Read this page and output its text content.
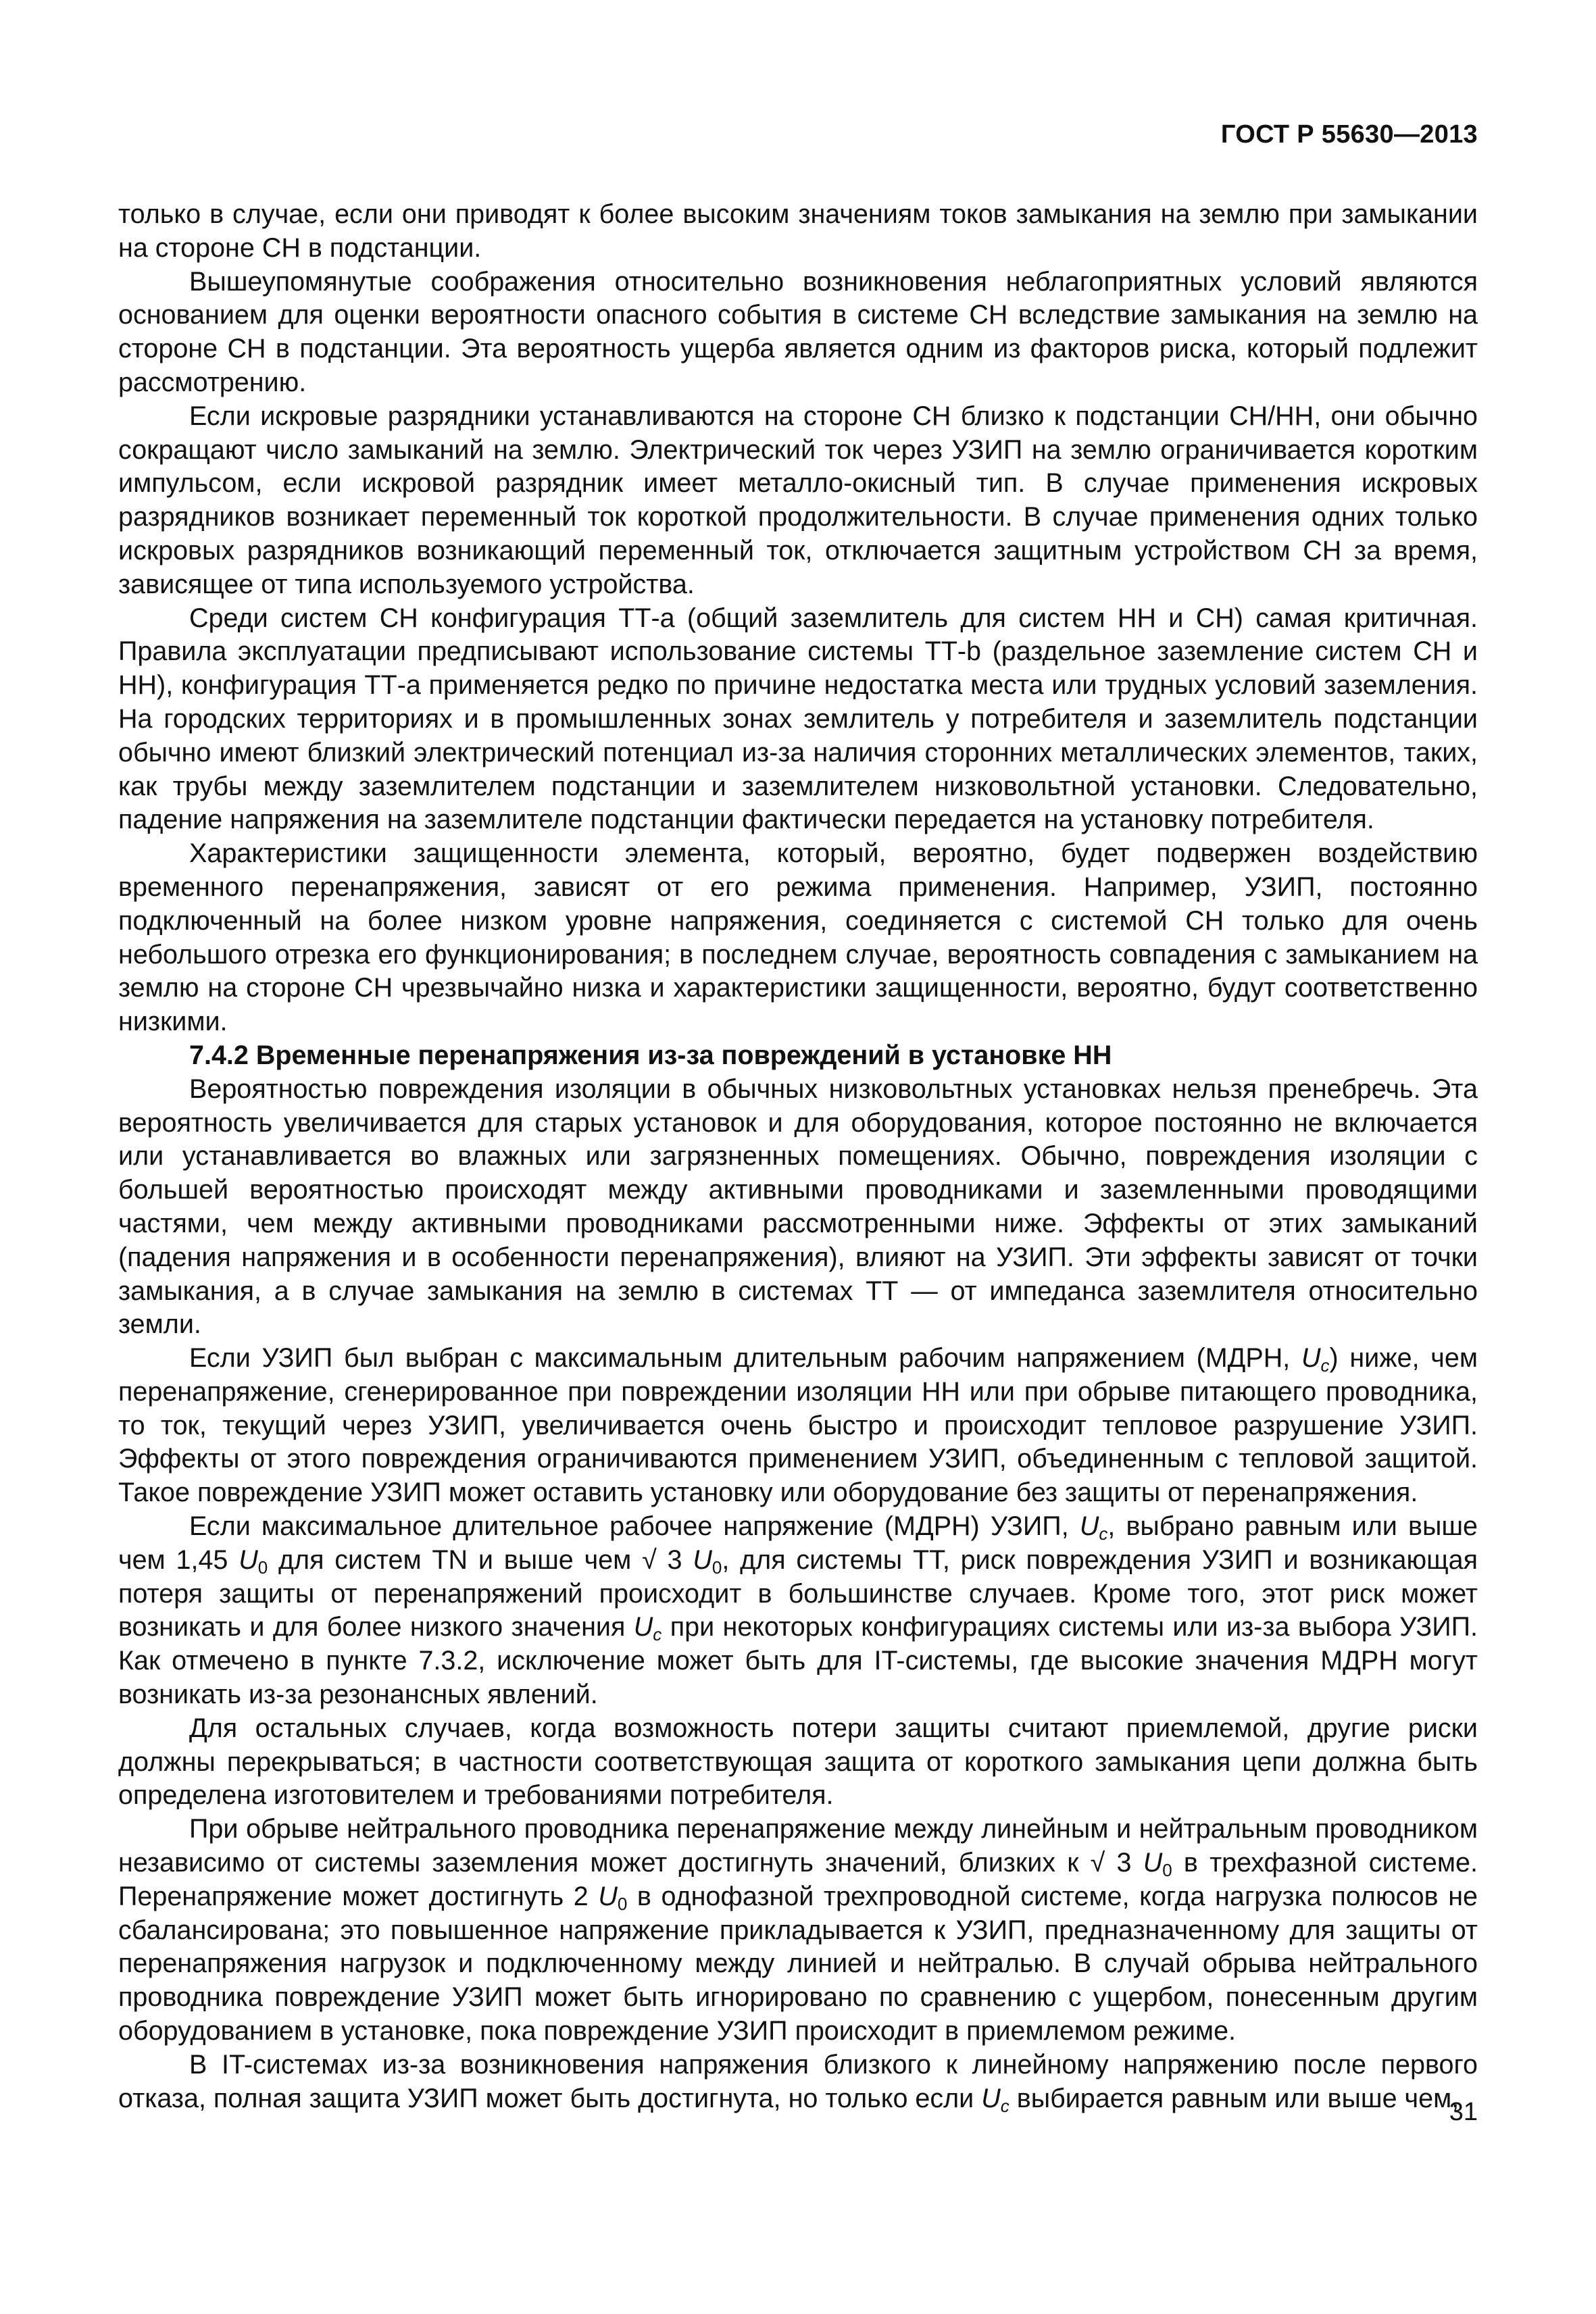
ГОСТ Р 55630—2013

только в случае, если они приводят к более высоким значениям токов замыкания на землю при замыкании на стороне СН в подстанции.

Вышеупомянутые соображения относительно возникновения неблагоприятных условий являются основанием для оценки вероятности опасного события в системе СН вследствие замыкания на землю на стороне СН в подстанции. Эта вероятность ущерба является одним из факторов риска, который подлежит рассмотрению.

Если искровые разрядники устанавливаются на стороне СН близко к подстанции СН/НН, они обычно сокращают число замыканий на землю. Электрический ток через УЗИП на землю ограничивается коротким импульсом, если искровой разрядник имеет металло-окисный тип. В случае применения искровых разрядников возникает переменный ток короткой продолжительности. В случае применения одних только искровых разрядников возникающий переменный ток, отключается защитным устройством СН за время, зависящее от типа используемого устройства.

Среди систем СН конфигурация ТТ-а (общий заземлитель для систем НН и СН) самая критичная. Правила эксплуатации предписывают использование системы ТТ-b (раздельное заземление систем СН и НН), конфигурация ТТ-а применяется редко по причине недостатка места или трудных условий заземления. На городских территориях и в промышленных зонах землитель у потребителя и заземлитель подстанции обычно имеют близкий электрический потенциал из-за наличия сторонних металлических элементов, таких, как трубы между заземлителем подстанции и заземлителем низковольтной установки. Следовательно, падение напряжения на заземлителе подстанции фактически передается на установку потребителя.

Характеристики защищенности элемента, который, вероятно, будет подвержен воздействию временного перенапряжения, зависят от его режима применения. Например, УЗИП, постоянно подключенный на более низком уровне напряжения, соединяется с системой СН только для очень небольшого отрезка его функционирования; в последнем случае, вероятность совпадения с замыканием на землю на стороне СН чрезвычайно низка и характеристики защищенности, вероятно, будут соответственно низкими.

7.4.2 Временные перенапряжения из-за повреждений в установке НН

Вероятностью повреждения изоляции в обычных низковольтных установках нельзя пренебречь. Эта вероятность увеличивается для старых установок и для оборудования, которое постоянно не включается или устанавливается во влажных или загрязненных помещениях. Обычно, повреждения изоляции с большей вероятностью происходят между активными проводниками и заземленными проводящими частями, чем между активными проводниками рассмотренными ниже. Эффекты от этих замыканий (падения напряжения и в особенности перенапряжения), влияют на УЗИП. Эти эффекты зависят от точки замыкания, а в случае замыкания на землю в системах ТТ — от импеданса заземлителя относительно земли.

Если УЗИП был выбран с максимальным длительным рабочим напряжением (МДРН, $U_c$) ниже, чем перенапряжение, сгенерированное при повреждении изоляции НН или при обрыве питающего проводника, то ток, текущий через УЗИП, увеличивается очень быстро и происходит тепловое разрушение УЗИП. Эффекты от этого повреждения ограничиваются применением УЗИП, объединенным с тепловой защитой. Такое повреждение УЗИП может оставить установку или оборудование без защиты от перенапряжения.

Если максимальное длительное рабочее напряжение (МДРН) УЗИП, $U_c$, выбрано равным или выше чем 1,45 $U_0$ для систем TN и выше чем √ 3 $U_0$, для системы ТТ, риск повреждения УЗИП и возникающая потеря защиты от перенапряжений происходит в большинстве случаев. Кроме того, этот риск может возникать и для более низкого значения $U_c$ при некоторых конфигурациях системы или из-за выбора УЗИП. Как отмечено в пункте 7.3.2, исключение может быть для IT-системы, где высокие значения МДРН могут возникать из-за резонансных явлений.

Для остальных случаев, когда возможность потери защиты считают приемлемой, другие риски должны перекрываться; в частности соответствующая защита от короткого замыкания цепи должна быть определена изготовителем и требованиями потребителя.

При обрыве нейтрального проводника перенапряжение между линейным и нейтральным проводником независимо от системы заземления может достигнуть значений, близких к √ 3 $U_0$ в трехфазной системе. Перенапряжение может достигнуть 2 $U_0$ в однофазной трехпроводной системе, когда нагрузка полюсов не сбалансирована; это повышенное напряжение прикладывается к УЗИП, предназначенному для защиты от перенапряжения нагрузок и подключенному между линией и нейтралью. В случай обрыва нейтрального проводника повреждение УЗИП может быть игнорировано по сравнению с ущербом, понесенным другим оборудованием в установке, пока повреждение УЗИП происходит в приемлемом режиме.

В IT-системах из-за возникновения напряжения близкого к линейному напряжению после первого отказа, полная защита УЗИП может быть достигнута, но только если $U_c$ выбирается равным или выше чем,

31
